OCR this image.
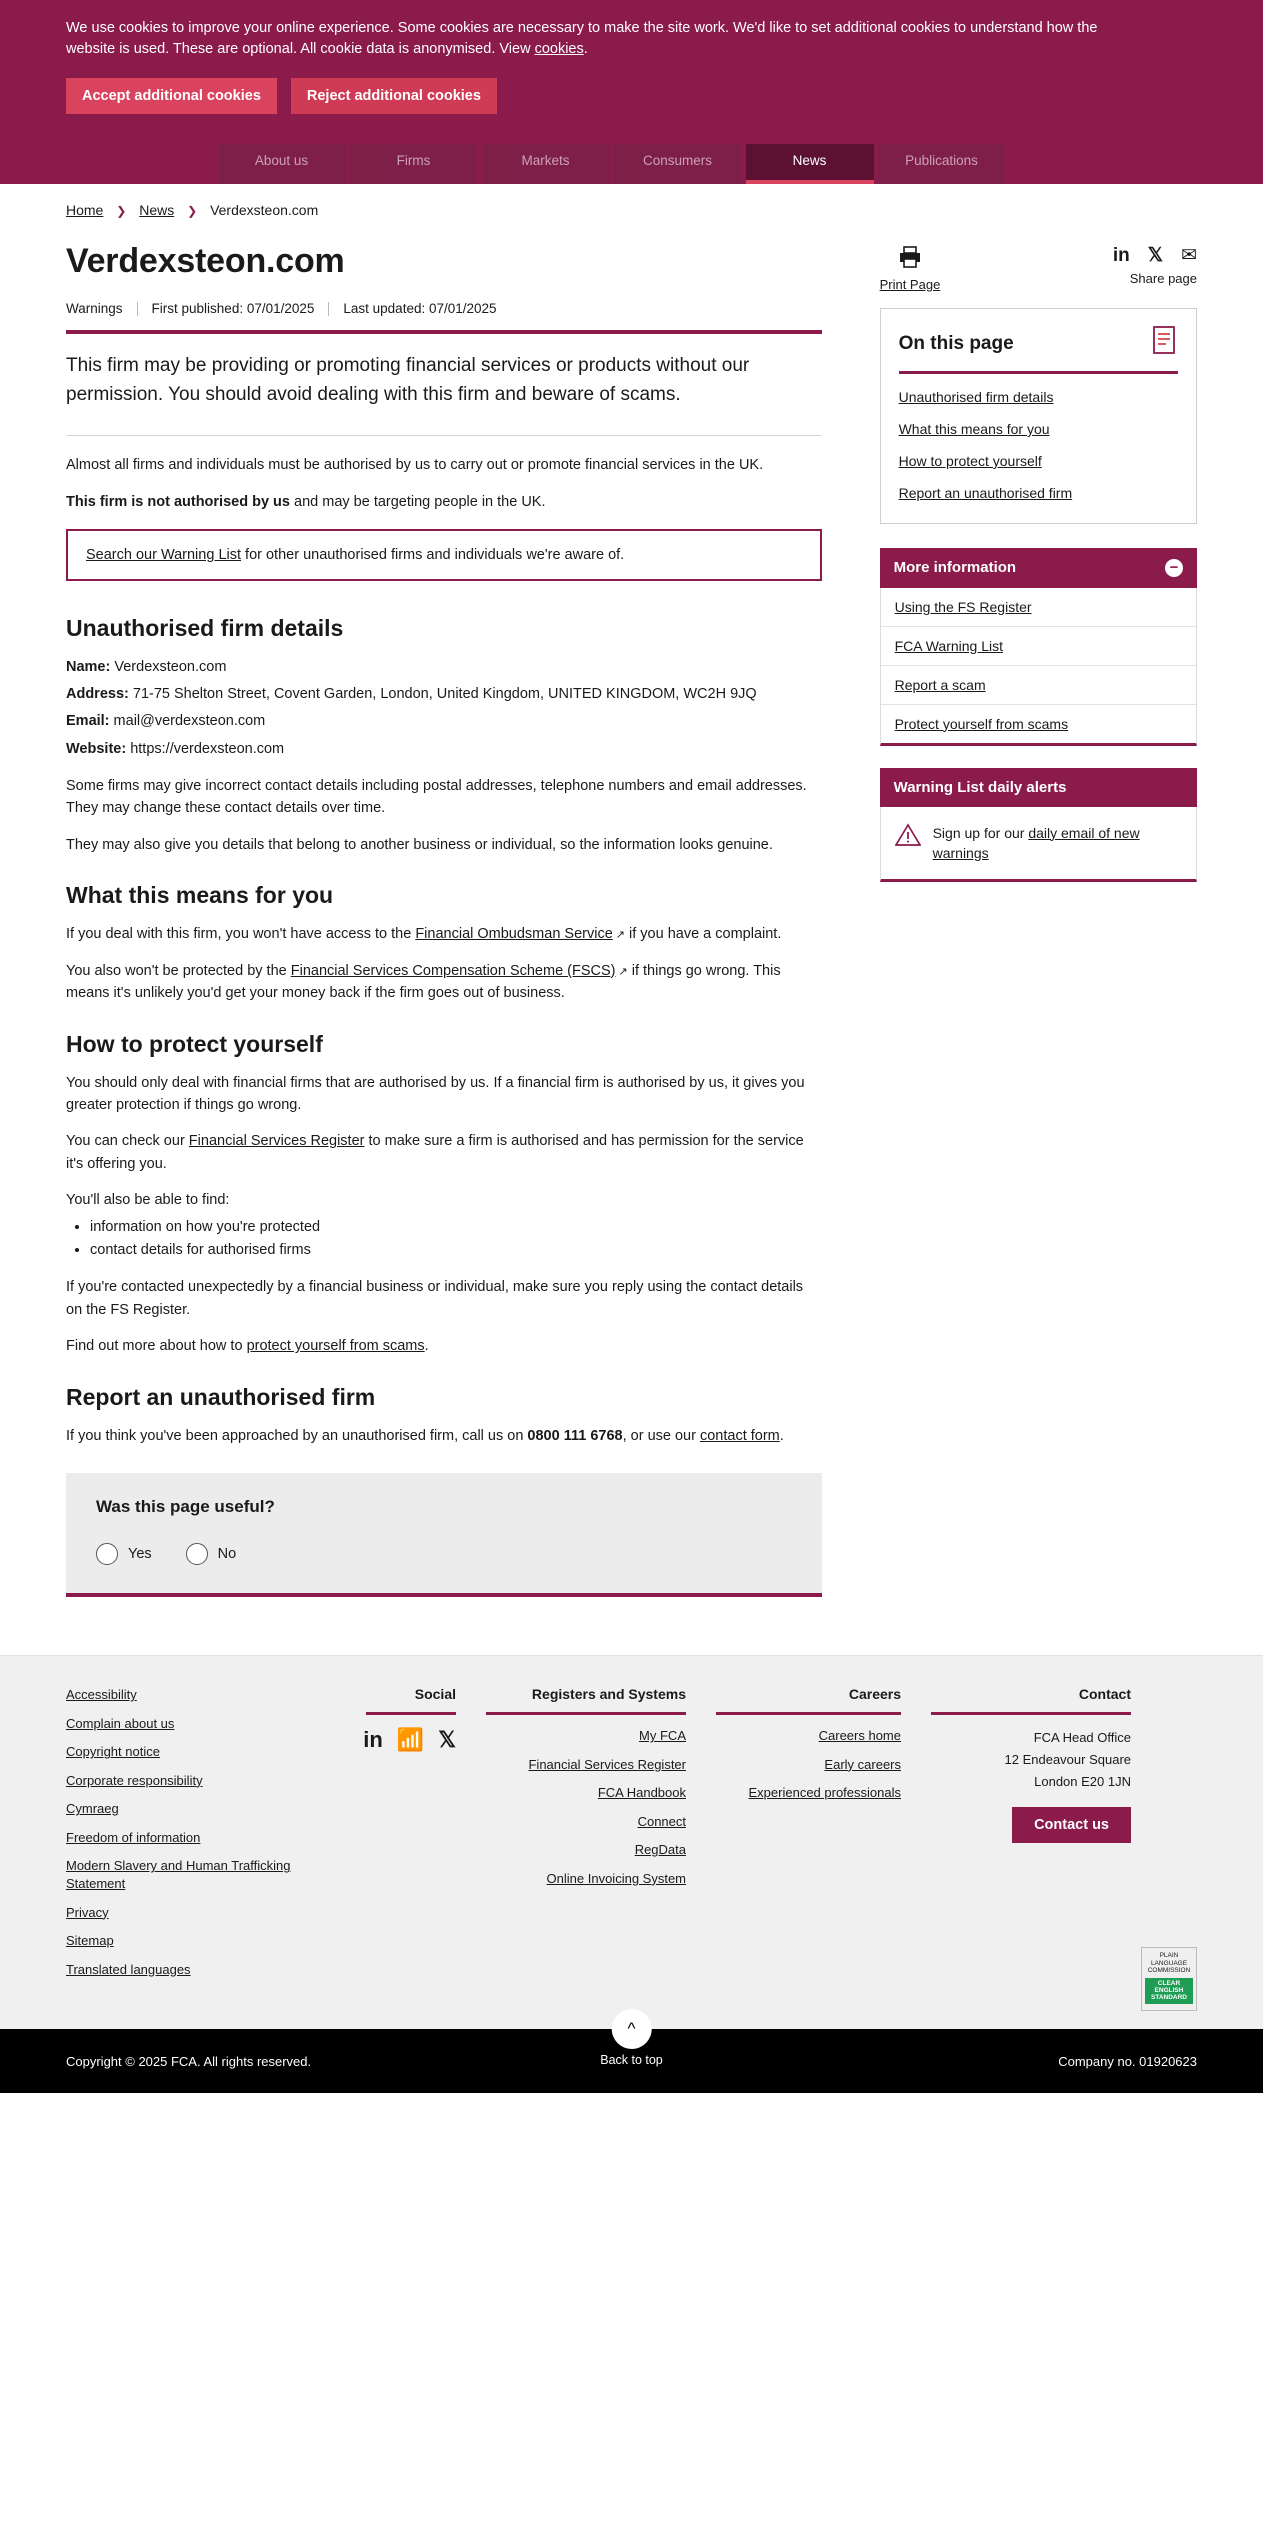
We use cookies to improve your online experience. Some cookies are necessary to make the site work. We'd like to set additional cookies to understand how the website is used. These are optional. All cookie data is anonymised. View cookies.

Accept additional cookies	Reject additional cookies
About us	Firms	Markets	Consumers	News	Publications
Home ❯ News ❯ Verdexsteon.com
Verdexsteon.com
Warnings First published: 07/01/2025 Last updated: 07/01/2025

This firm may be providing or promoting financial services or products without our permission. You should avoid dealing with this firm and beware of scams.

Almost all firms and individuals must be authorised by us to carry out or promote financial services in the UK.

This firm is not authorised by us and may be targeting people in the UK.

Search our Warning List for other unauthorised firms and individuals we're aware of.
Unauthorised firm details

Name: Verdexsteon.com

Address: 71-75 Shelton Street, Covent Garden, London, United Kingdom, UNITED KINGDOM, WC2H 9JQ

Email: mail@verdexsteon.com

Website: https://verdexsteon.com

Some firms may give incorrect contact details including postal addresses, telephone numbers and email addresses. They may change these contact details over time.

They may also give you details that belong to another business or individual, so the information looks genuine.

What this means for you

If you deal with this firm, you won't have access to the Financial Ombudsman Service ↗ if you have a complaint.

You also won't be protected by the Financial Services Compensation Scheme (FSCS) ↗ if things go wrong. This means it's unlikely you'd get your money back if the firm goes out of business.

How to protect yourself

You should only deal with financial firms that are authorised by us. If a financial firm is authorised by us, it gives you greater protection if things go wrong.

You can check our Financial Services Register to make sure a firm is authorised and has permission for the service it's offering you.

You'll also be able to find:

• information on how you're protected
• contact details for authorised firms

If you're contacted unexpectedly by a financial business or individual, make sure you reply using the contact details on the FS Register.

Find out more about how to protect yourself from scams.

Report an unauthorised firm

If you think you've been approached by an unauthorised firm, call us on 0800 111 6768, or use our contact form.

Was this page useful?
Yes	No
Print Page
in 𝕏 ✉
Share page
On this page
Unauthorised firm details
What this means for you
How to protect yourself
Report an unauthorised firm
More information	−
Using the FS Register
FCA Warning List
Report a scam
Protect yourself from scams
Warning List daily alerts
Sign up for our daily email of new warnings
Accessibility
Complain about us
Copyright notice
Corporate responsibility
Cymraeg
Freedom of information
Modern Slavery and Human Trafficking Statement
Privacy
Sitemap
Translated languages
Social
in 📶 𝕏
Registers and Systems
My FCA
Financial Services Register
FCA Handbook
Connect
RegData
Online Invoicing System
Careers
Careers home
Early careers
Experienced professionals
Contact
FCA Head Office
12 Endeavour Square
London E20 1JN
Contact us
PLAIN
LANGUAGE
COMMISSION
CLEAR
ENGLISH
STANDARD
Copyright © 2025 FCA. All rights reserved.
^
Back to top	Company no. 01920623
